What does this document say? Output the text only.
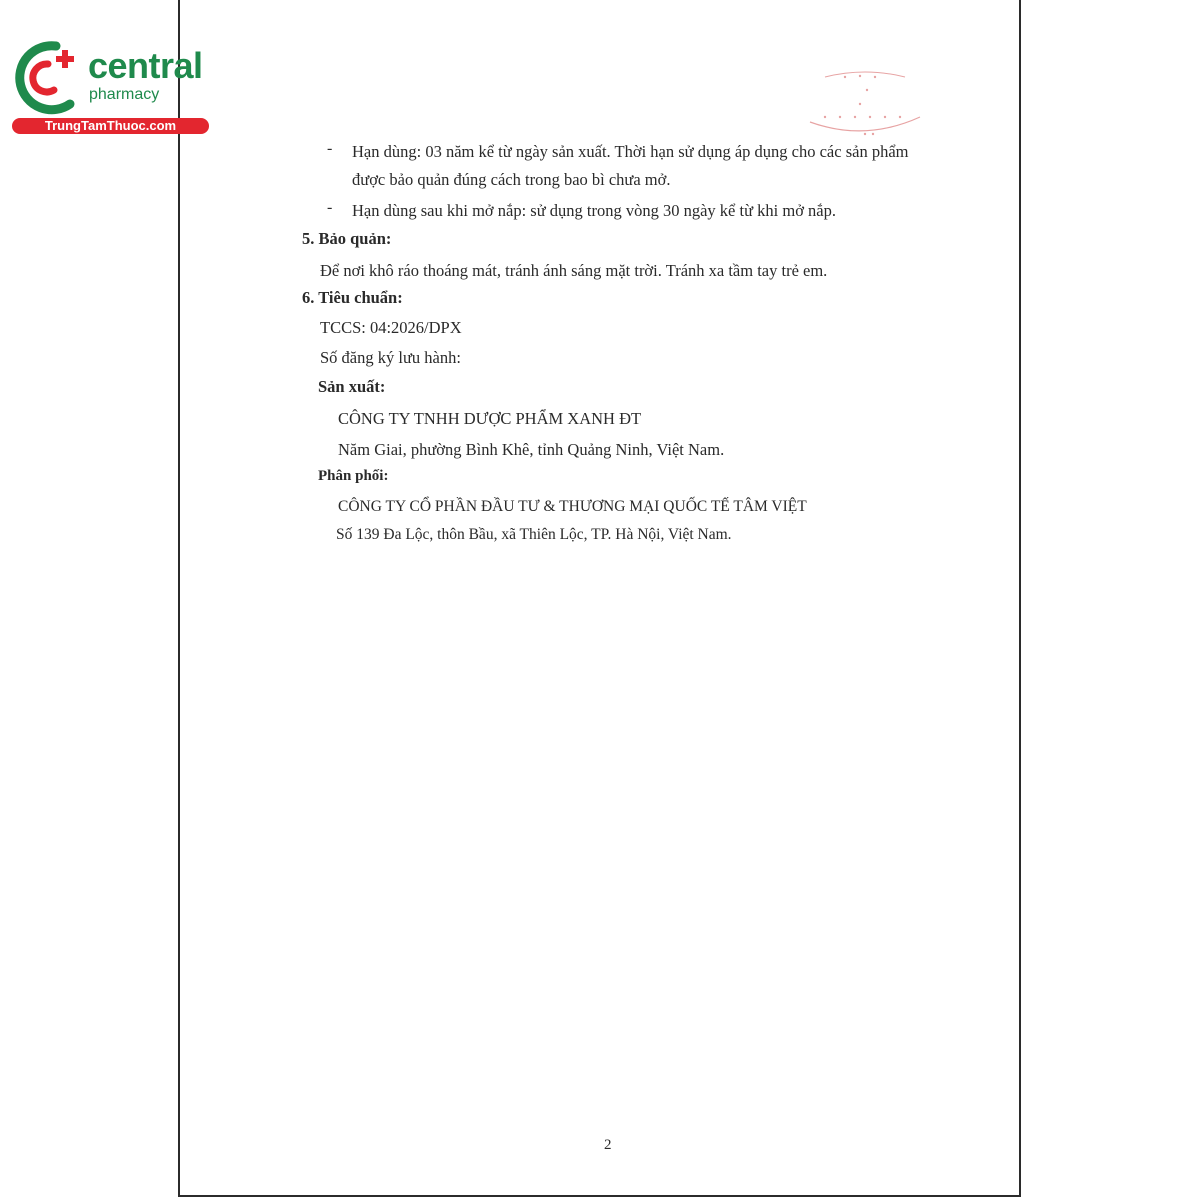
central
pharmacy
TrungTamThuoc.com
- Hạn dùng: 03 năm kể từ ngày sản xuất. Thời hạn sử dụng áp dụng cho các sản phẩm
được bảo quản đúng cách trong bao bì chưa mở.
- Hạn dùng sau khi mở nắp: sử dụng trong vòng 30 ngày kể từ khi mở nắp.
5. Bảo quản:
Để nơi khô ráo thoáng mát, tránh ánh sáng mặt trời. Tránh xa tầm tay trẻ em.
6. Tiêu chuẩn:
TCCS: 04:2026/DPX
Số đăng ký lưu hành:
Sản xuất:
CÔNG TY TNHH DƯỢC PHẨM XANH ĐT
Năm Giai, phường Bình Khê, tỉnh Quảng Ninh, Việt Nam.
Phân phối:
CÔNG TY CỔ PHẦN ĐẦU TƯ & THƯƠNG MẠI QUỐC TẾ TÂM VIỆT
Số 139 Đa Lộc, thôn Bầu, xã Thiên Lộc, TP. Hà Nội, Việt Nam.
2
